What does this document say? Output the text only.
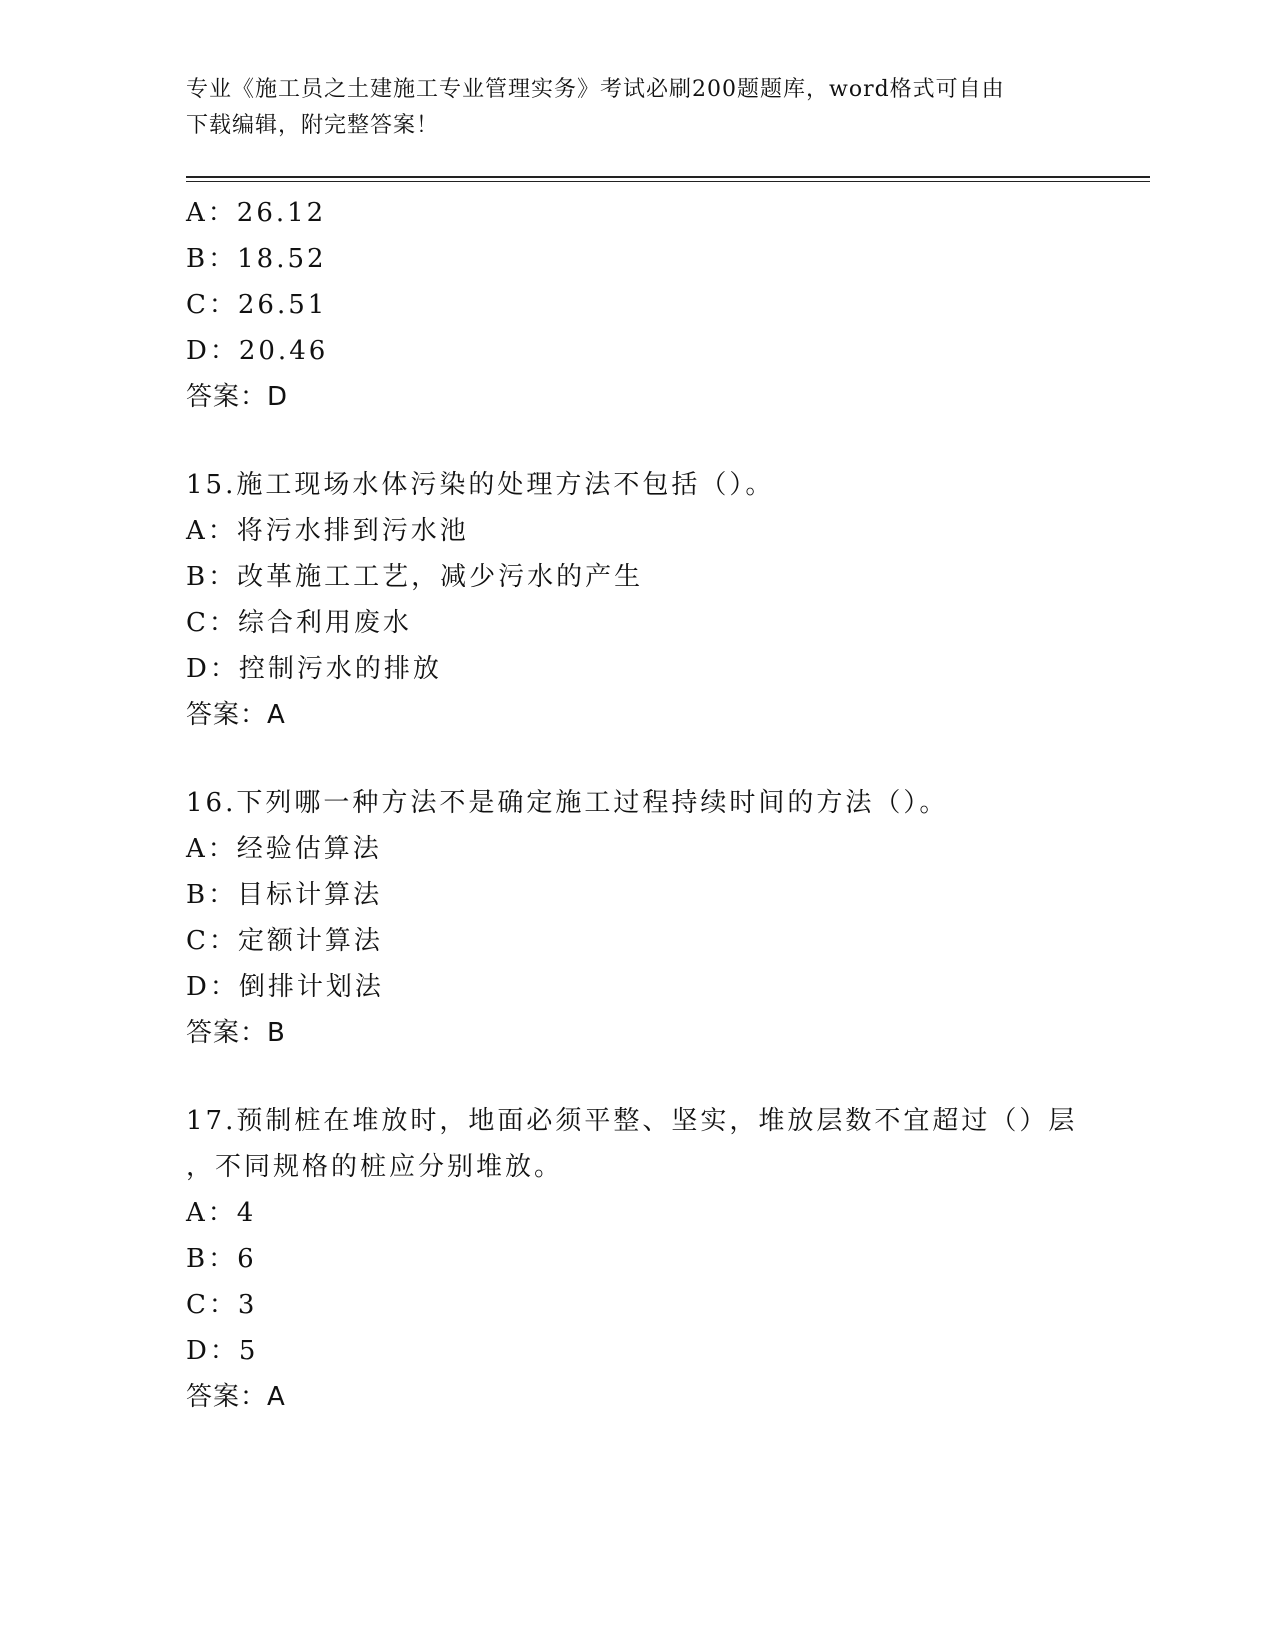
专业《施工员之土建施工专业管理实务》考试必刷200题题库，word格式可自由
下载编辑，附完整答案！
A：26.12
B：18.52
C：26.51
D：20.46
答案：D
15.施工现场水体污染的处理方法不包括（）。
A：将污水排到污水池
B：改革施工工艺，减少污水的产生
C：综合利用废水
D：控制污水的排放
答案：A
16.下列哪一种方法不是确定施工过程持续时间的方法（）。
A：经验估算法
B：目标计算法
C：定额计算法
D：倒排计划法
答案：B
17.预制桩在堆放时，地面必须平整、坚实，堆放层数不宜超过（）层
，不同规格的桩应分别堆放。
A：4
B：6
C：3
D：5
答案：A
